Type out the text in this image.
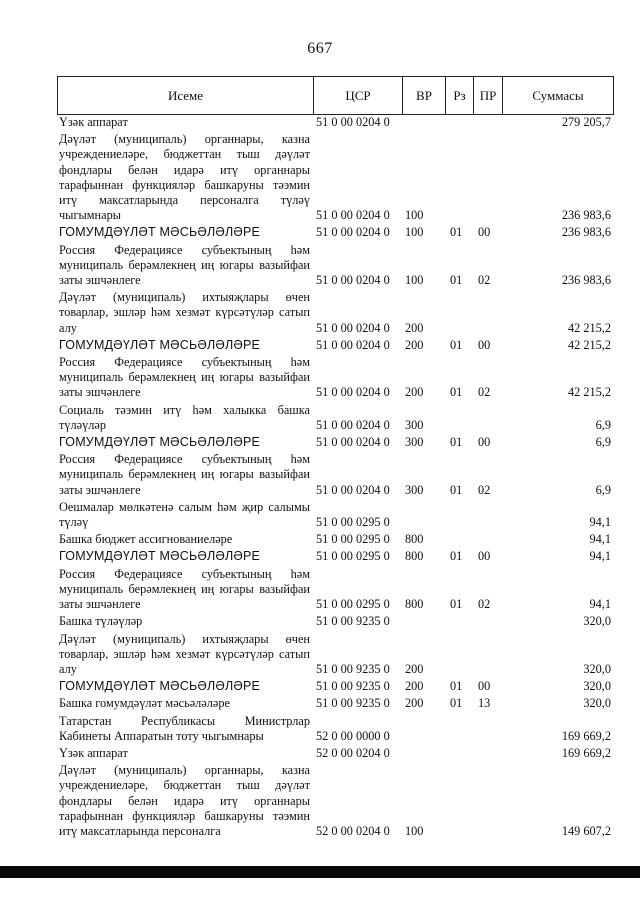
667
Исеме	ЦСР	ВР	Рз	ПР	Суммасы
Үзәк аппарат	51 0 00 0204 0	279 205,7
Дәүләт (муниципаль) органнары, казна учреждениеләре, бюджеттан тыш дәүләт фондлары белән идарә итү органнары тарафыннан функцияләр башкаруны тәэмин итү максатларында персоналга түләү чыгымнары	51 0 00 0204 0	100	236 983,6
ГОМУМДӘҮЛӘТ МӘСЬӘЛӘЛӘРЕ	51 0 00 0204 0	100	01	00	236 983,6
Россия Федерациясе субъектының һәм муниципаль берәмлекнең иң югары вазыйфаи заты эшчәнлеге	51 0 00 0204 0	100	01	02	236 983,6
Дәүләт (муниципаль) ихтыяҗлары өчен товарлар, эшләр һәм хезмәт күрсәтүләр сатып алу	51 0 00 0204 0	200	42 215,2
ГОМУМДӘҮЛӘТ МӘСЬӘЛӘЛӘРЕ	51 0 00 0204 0	200	01	00	42 215,2
Россия Федерациясе субъектының һәм муниципаль берәмлекнең иң югары вазыйфаи заты эшчәнлеге	51 0 00 0204 0	200	01	02	42 215,2
Социаль тәэмин итү һәм халыкка башка түләүләр	51 0 00 0204 0	300	6,9
ГОМУМДӘҮЛӘТ МӘСЬӘЛӘЛӘРЕ	51 0 00 0204 0	300	01	00	6,9
Россия Федерациясе субъектының һәм муниципаль берәмлекнең иң югары вазыйфаи заты эшчәнлеге	51 0 00 0204 0	300	01	02	6,9
Оешмалар мөлкәтенә салым һәм җир салымы түләү	51 0 00 0295 0	94,1
Башка бюджет ассигнованиеләре	51 0 00 0295 0	800	94,1
ГОМУМДӘҮЛӘТ МӘСЬӘЛӘЛӘРЕ	51 0 00 0295 0	800	01	00	94,1
Россия Федерациясе субъектының һәм муниципаль берәмлекнең иң югары вазыйфаи заты эшчәнлеге	51 0 00 0295 0	800	01	02	94,1
Башка түләүләр	51 0 00 9235 0	320,0
Дәүләт (муниципаль) ихтыяҗлары өчен товарлар, эшләр һәм хезмәт күрсәтүләр сатып алу	51 0 00 9235 0	200	320,0
ГОМУМДӘҮЛӘТ МӘСЬӘЛӘЛӘРЕ	51 0 00 9235 0	200	01	00	320,0
Башка гомумдәүләт мәсьәләләре	51 0 00 9235 0	200	01	13	320,0
Татарстан Республикасы Министрлар Кабинеты Аппаратын тоту чыгымнары	52 0 00 0000 0	169 669,2
Үзәк аппарат	52 0 00 0204 0	169 669,2
Дәүләт (муниципаль) органнары, казна учреждениеләре, бюджеттан тыш дәүләт фондлары белән идарә итү органнары тарафыннан функцияләр башкаруны тәэмин итү максатларында персоналга	52 0 00 0204 0	100	149 607,2
